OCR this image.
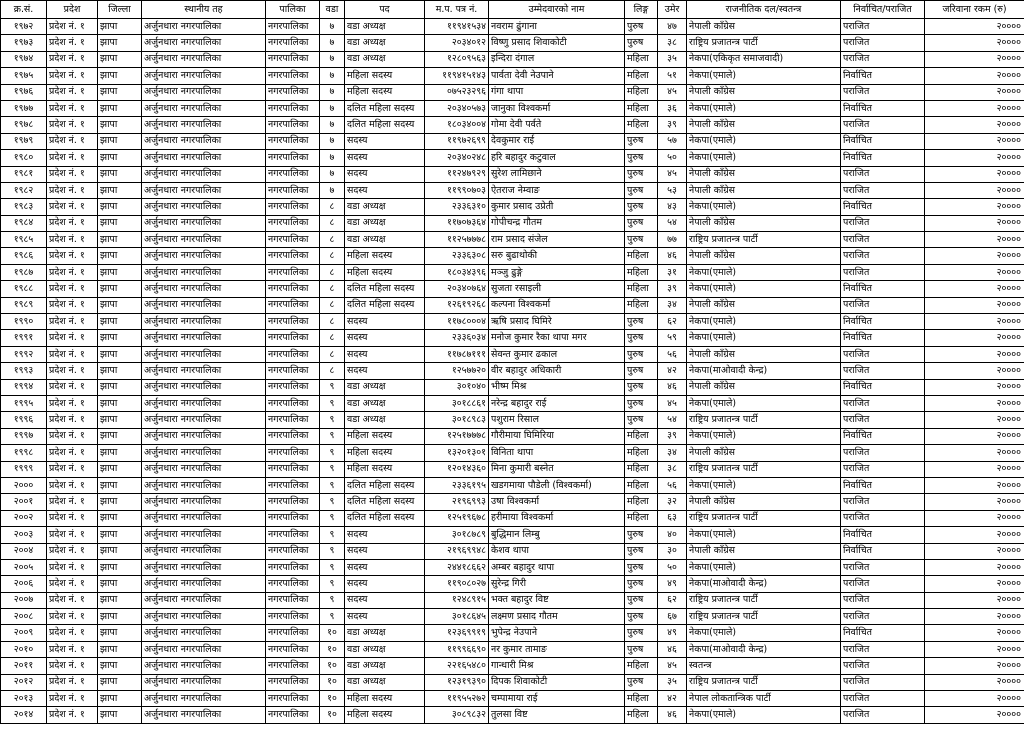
क्र.सं.	प्रदेश	जिल्ला	स्थानीय तह	पालिका	वडा	पद	म.प. पत्र नं.	उम्मेदवारको नाम	लिङ्ग	उमेर	राजनीतिक दल/स्वतन्त्र	निर्वाचित/पराजित	जरिवाना रकम (रु)
१९७२	प्रदेश नं. १	झापा	अर्जुनधारा नगरपालिका	नगरपालिका	७	वडा अध्यक्ष	११९४१५३४	नवराम ढुंगाना	पुरुष	४७	नेपाली काँग्रेस	पराजित	२००००
१९७३	प्रदेश नं. १	झापा	अर्जुनधारा नगरपालिका	नगरपालिका	७	वडा अध्यक्ष	२०३४०१२	विष्णु प्रसाद शिवाकोटी	पुरुष	३८	राष्ट्रिय प्रजातन्त्र पार्टी	पराजित	२००००
१९७४	प्रदेश नं. १	झापा	अर्जुनधारा नगरपालिका	नगरपालिका	७	वडा अध्यक्ष	१२८०९५६३	इन्दिरा दंगाल	महिला	३५	नेकपा(एकिकृत समाजवादी)	पराजित	२००००
१९७५	प्रदेश नं. १	झापा	अर्जुनधारा नगरपालिका	नगरपालिका	७	महिला सदस्य	११९४१५१४३	पार्वता देवी नेउपाने	महिला	५१	नेकपा(एमाले)	निर्वाचित	२००००
१९७६	प्रदेश नं. १	झापा	अर्जुनधारा नगरपालिका	नगरपालिका	७	महिला सदस्य	०७५२३२९६	गंगा थापा	महिला	४५	नेपाली काँग्रेस	पराजित	२००००
१९७७	प्रदेश नं. १	झापा	अर्जुनधारा नगरपालिका	नगरपालिका	७	दलित महिला सदस्य	२०३४०५७३	जानुका विश्वकर्मा	महिला	३६	नेकपा(एमाले)	निर्वाचित	२००००
१९७८	प्रदेश नं. १	झापा	अर्जुनधारा नगरपालिका	नगरपालिका	७	दलित महिला सदस्य	१८०३४००४	गोमा देवी पर्वते	महिला	३९	नेपाली काँग्रेस	पराजित	२००००
१९७९	प्रदेश नं. १	झापा	अर्जुनधारा नगरपालिका	नगरपालिका	७	सदस्य	११९७२६९९	देवकुमार राई	पुरुष	५७	नेकपा(एमाले)	निर्वाचित	२००००
१९८०	प्रदेश नं. १	झापा	अर्जुनधारा नगरपालिका	नगरपालिका	७	सदस्य	२०३४०२४८	हरि बहादुर कटुवाल	पुरुष	५०	नेकपा(एमाले)	निर्वाचित	२००००
१९८१	प्रदेश नं. १	झापा	अर्जुनधारा नगरपालिका	नगरपालिका	७	सदस्य	११२४७९२९	सुरेश लामिछाने	पुरुष	४५	नेपाली काँग्रेस	पराजित	२००००
१९८२	प्रदेश नं. १	झापा	अर्जुनधारा नगरपालिका	नगरपालिका	७	सदस्य	११९९०७०३	ऐतराज नेम्वाङ	पुरुष	५३	नेपाली काँग्रेस	पराजित	२००००
१९८३	प्रदेश नं. १	झापा	अर्जुनधारा नगरपालिका	नगरपालिका	८	वडा अध्यक्ष	२३३६३१०	कुमार प्रसाद उप्रेती	पुरुष	४३	नेकपा(एमाले)	निर्वाचित	२००००
१९८४	प्रदेश नं. १	झापा	अर्जुनधारा नगरपालिका	नगरपालिका	८	वडा अध्यक्ष	११७०७३६४	गोपीचन्द्र गौतम	पुरुष	५४	नेपाली काँग्रेस	पराजित	२००००
१९८५	प्रदेश नं. १	झापा	अर्जुनधारा नगरपालिका	नगरपालिका	८	वडा अध्यक्ष	११२५७७७८	राम प्रसाद संजेल	पुरुष	७७	राष्ट्रिय प्रजातन्त्र पार्टी	पराजित	२००००
१९८६	प्रदेश नं. १	झापा	अर्जुनधारा नगरपालिका	नगरपालिका	८	महिला सदस्य	२३३६३०८	सरु बुढाथोकी	महिला	४६	नेपाली काँग्रेस	पराजित	२००००
१९८७	प्रदेश नं. १	झापा	अर्जुनधारा नगरपालिका	नगरपालिका	८	महिला सदस्य	१८०३४३९६	मञ्जु ढुङ्गे	महिला	३१	नेकपा(एमाले)	पराजित	२००००
१९८८	प्रदेश नं. १	झापा	अर्जुनधारा नगरपालिका	नगरपालिका	८	दलित महिला सदस्य	२०३४०७६४	सुजता रसाइली	महिला	३९	नेकपा(एमाले)	निर्वाचित	२००००
१९८९	प्रदेश नं. १	झापा	अर्जुनधारा नगरपालिका	नगरपालिका	८	दलित महिला सदस्य	१२६१९२६८	कल्पना विश्वकर्मा	महिला	३४	नेपाली काँग्रेस	पराजित	२००००
१९९०	प्रदेश नं. १	झापा	अर्जुनधारा नगरपालिका	नगरपालिका	८	सदस्य	११७८०००४	ऋषि प्रसाद घिमिरे	पुरुष	६२	नेकपा(एमाले)	निर्वाचित	२००००
१९९१	प्रदेश नं. १	झापा	अर्जुनधारा नगरपालिका	नगरपालिका	८	सदस्य	२३३६०३४	मनोज कुमार रैका थापा मगर	पुरुष	५९	नेकपा(एमाले)	निर्वाचित	२००००
१९९२	प्रदेश नं. १	झापा	अर्जुनधारा नगरपालिका	नगरपालिका	८	सदस्य	११७८७१११	सेवन्त कुमार ढकाल	पुरुष	५६	नेपाली काँग्रेस	पराजित	२००००
१९९३	प्रदेश नं. १	झापा	अर्जुनधारा नगरपालिका	नगरपालिका	८	सदस्य	१२५७७२०	वीर बहादुर अधिकारी	पुरुष	४२	नेकपा(माओवादी केन्द्र)	पराजित	२००००
१९९४	प्रदेश नं. १	झापा	अर्जुनधारा नगरपालिका	नगरपालिका	९	वडा अध्यक्ष	३०१०४०	भीष्म मिश्र	पुरुष	४६	नेपाली काँग्रेस	निर्वाचित	२००००
१९९५	प्रदेश नं. १	झापा	अर्जुनधारा नगरपालिका	नगरपालिका	९	वडा अध्यक्ष	३०१८८६१	नरेन्द्र बहादुर राई	पुरुष	४५	नेकपा(एमाले)	पराजित	२००००
१९९६	प्रदेश नं. १	झापा	अर्जुनधारा नगरपालिका	नगरपालिका	९	वडा अध्यक्ष	३०१८९८३	पशुराम रिसाल	पुरुष	५४	राष्ट्रिय प्रजातन्त्र पार्टी	पराजित	२००००
१९९७	प्रदेश नं. १	झापा	अर्जुनधारा नगरपालिका	नगरपालिका	९	महिला सदस्य	१२५१७७७८	गौरीमाया घिमिरिया	महिला	३९	नेकपा(एमाले)	निर्वाचित	२००००
१९९८	प्रदेश नं. १	झापा	अर्जुनधारा नगरपालिका	नगरपालिका	९	महिला सदस्य	१३२०१३०१	विनिता थापा	महिला	३४	नेपाली काँग्रेस	पराजित	२००००
१९९९	प्रदेश नं. १	झापा	अर्जुनधारा नगरपालिका	नगरपालिका	९	महिला सदस्य	१२०१४३६०	मिना कुमारी बस्नेत	महिला	३८	राष्ट्रिय प्रजातन्त्र पार्टी	पराजित	२००००
२०००	प्रदेश नं. १	झापा	अर्जुनधारा नगरपालिका	नगरपालिका	९	दलित महिला सदस्य	२३३६१९५	खडगमाया पौडेली (विश्वकर्मा)	महिला	५६	नेकपा(एमाले)	निर्वाचित	२००००
२००१	प्रदेश नं. १	झापा	अर्जुनधारा नगरपालिका	नगरपालिका	९	दलित महिला सदस्य	२१९६९९३	उषा विश्वकर्मा	महिला	३२	नेपाली काँग्रेस	पराजित	२००००
२००२	प्रदेश नं. १	झापा	अर्जुनधारा नगरपालिका	नगरपालिका	९	दलित महिला सदस्य	१२५१९६७८	हरीमाया विश्वकर्मा	महिला	६३	राष्ट्रिय प्रजातन्त्र पार्टी	पराजित	२००००
२००३	प्रदेश नं. १	झापा	अर्जुनधारा नगरपालिका	नगरपालिका	९	सदस्य	३०१८७८९	बुद्धिमान लिम्बु	पुरुष	४०	नेकपा(एमाले)	निर्वाचित	२००००
२००४	प्रदेश नं. १	झापा	अर्जुनधारा नगरपालिका	नगरपालिका	९	सदस्य	२१९६९९४८	केशव थापा	पुरुष	३०	नेपाली काँग्रेस	निर्वाचित	२००००
२००५	प्रदेश नं. १	झापा	अर्जुनधारा नगरपालिका	नगरपालिका	९	सदस्य	२४४१८६६२	अम्बर बहादुर थापा	पुरुष	५०	नेकपा(एमाले)	पराजित	२००००
२००६	प्रदेश नं. १	झापा	अर्जुनधारा नगरपालिका	नगरपालिका	९	सदस्य	११९०८०२७	सुरेन्द्र गिरी	पुरुष	४९	नेकपा(माओवादी केन्द्र)	पराजित	२००००
२००७	प्रदेश नं. १	झापा	अर्जुनधारा नगरपालिका	नगरपालिका	९	सदस्य	१२४८९१५	भक्त बहादुर विष्ट	पुरुष	६२	राष्ट्रिय प्रजातन्त्र पार्टी	पराजित	२००००
२००८	प्रदेश नं. १	झापा	अर्जुनधारा नगरपालिका	नगरपालिका	९	सदस्य	३०१८६४५	लक्ष्मण प्रसाद गौतम	पुरुष	६७	राष्ट्रिय प्रजातन्त्र पार्टी	पराजित	२००००
२००९	प्रदेश नं. १	झापा	अर्जुनधारा नगरपालिका	नगरपालिका	१०	वडा अध्यक्ष	१२३६९९१९	भुपेन्द्र नेउपाने	पुरुष	४९	नेकपा(एमाले)	निर्वाचित	२००००
२०१०	प्रदेश नं. १	झापा	अर्जुनधारा नगरपालिका	नगरपालिका	१०	वडा अध्यक्ष	११९९६६९०	नर कुमार तामाङ	पुरुष	४६	नेकपा(माओवादी केन्द्र)	पराजित	२००००
२०११	प्रदेश नं. १	झापा	अर्जुनधारा नगरपालिका	नगरपालिका	१०	वडा अध्यक्ष	२२१६५४८०	गान्धारी मिश्र	महिला	४५	स्वतन्त्र	पराजित	२००००
२०१२	प्रदेश नं. १	झापा	अर्जुनधारा नगरपालिका	नगरपालिका	१०	वडा अध्यक्ष	१२३१९३९०	दिपक शिवाकोटी	पुरुष	३५	राष्ट्रिय प्रजातन्त्र पार्टी	पराजित	२००००
२०१३	प्रदेश नं. १	झापा	अर्जुनधारा नगरपालिका	नगरपालिका	१०	महिला सदस्य	११९५५२७२	चम्पामाया राई	महिला	४२	नेपाल लोकतान्त्रिक पार्टी	पराजित	२००००
२०१४	प्रदेश नं. १	झापा	अर्जुनधारा नगरपालिका	नगरपालिका	१०	महिला सदस्य	३०८९८३२	तुलसा विष्ट	महिला	४६	नेकपा(एमाले)	पराजित	२००००
